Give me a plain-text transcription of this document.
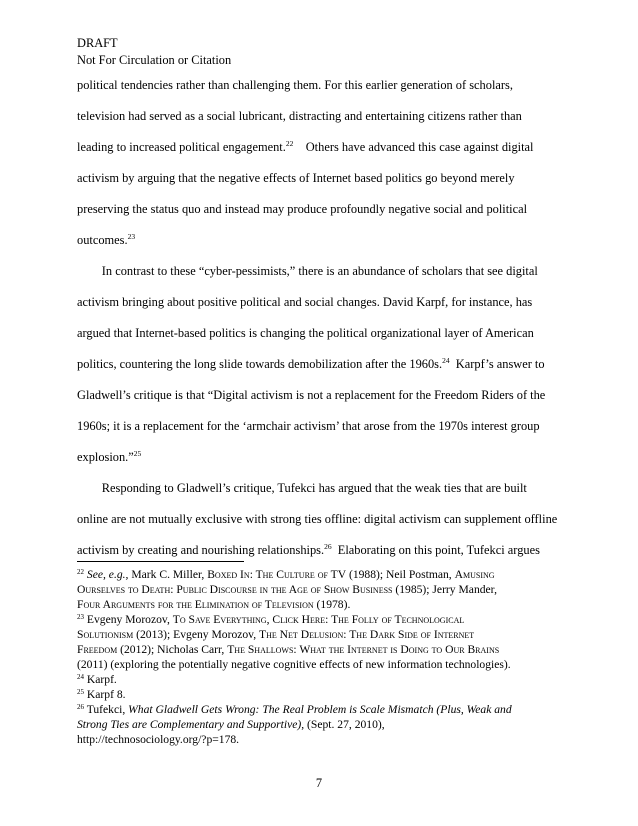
DRAFT
Not For Circulation or Citation
political tendencies rather than challenging them. For this earlier generation of scholars,
television had served as a social lubricant, distracting and entertaining citizens rather than
leading to increased political engagement.$^{22}$    Others have advanced this case against digital
activism by arguing that the negative effects of Internet based politics go beyond merely
preserving the status quo and instead may produce profoundly negative social and political
outcomes.$^{23}$
In contrast to these “cyber-pessimists,” there is an abundance of scholars that see digital
activism bringing about positive political and social changes. David Karpf, for instance, has
argued that Internet-based politics is changing the political organizational layer of American
politics, countering the long slide towards demobilization after the 1960s.$^{24}$  Karpf’s answer to
Gladwell’s critique is that “Digital activism is not a replacement for the Freedom Riders of the
1960s; it is a replacement for the ‘armchair activism’ that arose from the 1970s interest group
explosion.”$^{25}$
Responding to Gladwell’s critique, Tufekci has argued that the weak ties that are built
online are not mutually exclusive with strong ties offline: digital activism can supplement offline
activism by creating and nourishing relationships.$^{26}$  Elaborating on this point, Tufekci argues
$^{22}$ See, e.g., Mark C. Miller, Boxed In: The Culture of TV (1988); Neil Postman, Amusing
Ourselves to Death: Public Discourse in the Age of Show Business (1985); Jerry Mander,
Four Arguments for the Elimination of Television (1978).
$^{23}$ Evgeny Morozov, To Save Everything, Click Here: The Folly of Technological
Solutionism (2013); Evgeny Morozov, The Net Delusion: The Dark Side of Internet
Freedom (2012); Nicholas Carr, The Shallows: What the Internet is Doing to Our Brains
(2011) (exploring the potentially negative cognitive effects of new information technologies).
$^{24}$ Karpf.
$^{25}$ Karpf 8.
$^{26}$ Tufekci, What Gladwell Gets Wrong: The Real Problem is Scale Mismatch (Plus, Weak and
Strong Ties are Complementary and Supportive), (Sept. 27, 2010),
http://technosociology.org/?p=178.
7
